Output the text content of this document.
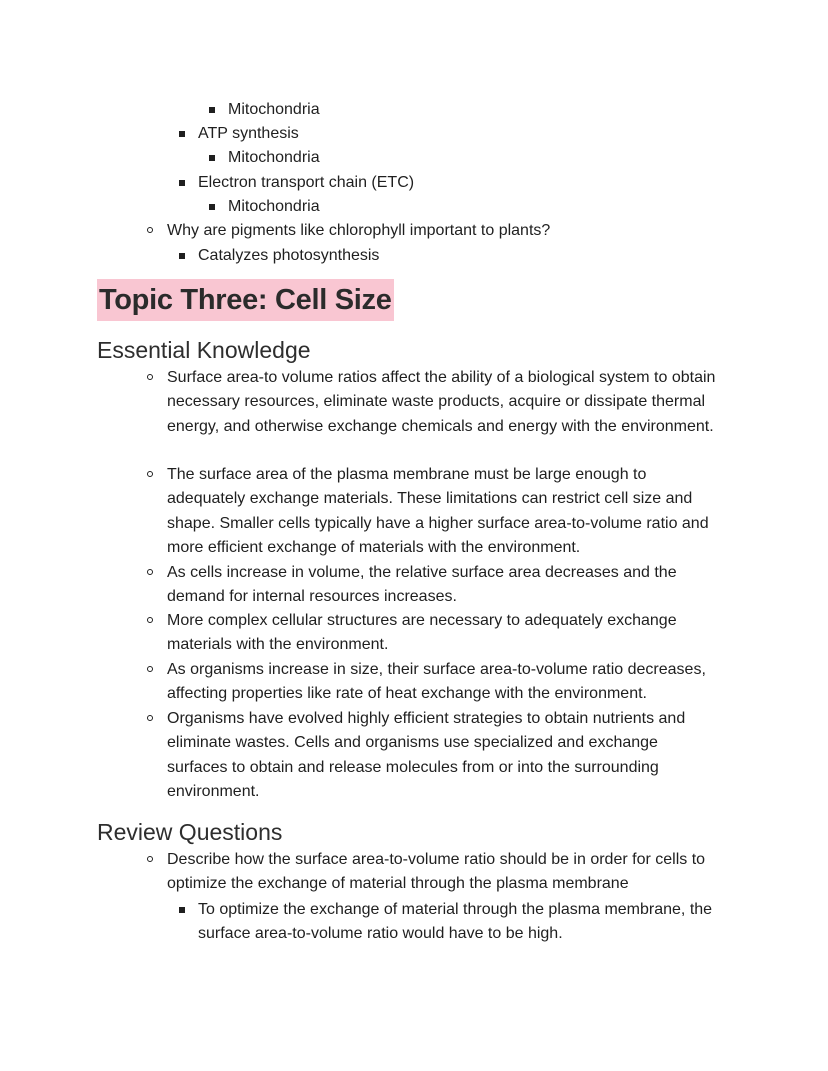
Mitochondria
ATP synthesis
Mitochondria
Electron transport chain (ETC)
Mitochondria
Why are pigments like chlorophyll important to plants?
Catalyzes photosynthesis
Topic Three: Cell Size
Essential Knowledge
Surface area-to volume ratios affect the ability of a biological system to obtain necessary resources, eliminate waste products, acquire or dissipate thermal energy, and otherwise exchange chemicals and energy with the environment.
The surface area of the plasma membrane must be large enough to adequately exchange materials. These limitations can restrict cell size and shape. Smaller cells typically have a higher surface area-to-volume ratio and more efficient exchange of materials with the environment.
As cells increase in volume, the relative surface area decreases and the demand for internal resources increases.
More complex cellular structures are necessary to adequately exchange materials with the environment.
As organisms increase in size, their surface area-to-volume ratio decreases, affecting properties like rate of heat exchange with the environment.
Organisms have evolved highly efficient strategies to obtain nutrients and eliminate wastes. Cells and organisms use specialized and exchange surfaces to obtain and release molecules from or into the surrounding environment.
Review Questions
Describe how the surface area-to-volume ratio should be in order for cells to optimize the exchange of material through the plasma membrane
To optimize the exchange of material through the plasma membrane, the surface area-to-volume ratio would have to be high.
